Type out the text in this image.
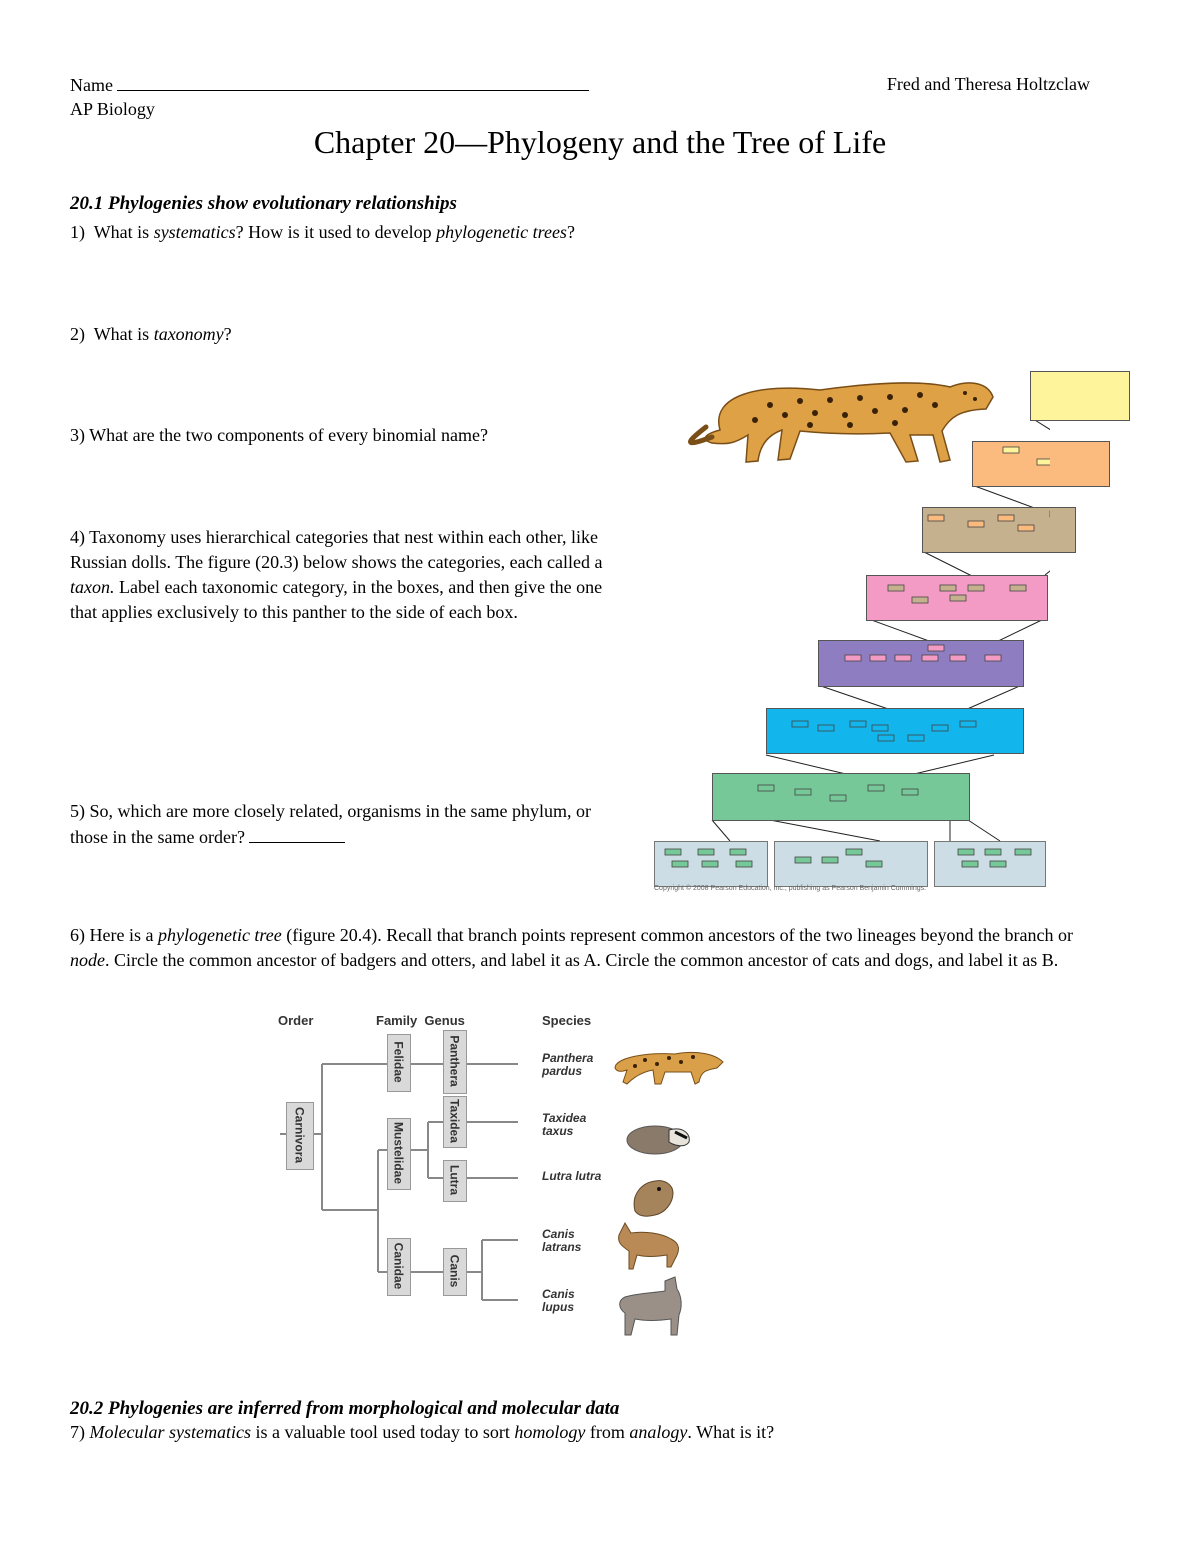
Name	Fred and Theresa Holtzclaw
AP Biology
Chapter 20—Phylogeny and the Tree of Life
20.1 Phylogenies show evolutionary relationships
1) What is systematics? How is it used to develop phylogenetic trees?
2) What is taxonomy?
3) What are the two components of every binomial name?
4) Taxonomy uses hierarchical categories that nest within each other, like Russian dolls. The figure (20.3) below shows the categories, each called a taxon. Label each taxonomic category, in the boxes, and then give the one that applies exclusively to this panther to the side of each box.
5) So, which are more closely related, organisms in the same phylum, or those in the same order?
Copyright © 2008 Pearson Education, Inc., publishing as Pearson Benjamin Cummings.
6) Here is a phylogenetic tree (figure 20.4). Recall that branch points represent common ancestors of the two lineages beyond the branch or node. Circle the common ancestor of badgers and otters, and label it as A. Circle the common ancestor of cats and dogs, and label it as B.
Order	Family  Genus	Species
Carnivora
Felidae
Mustelidae
Canidae
Panthera
Taxidea
Lutra
Canis
Panthera
pardus
Taxidea
taxus
Lutra lutra
Canis
latrans
Canis
lupus
20.2 Phylogenies are inferred from morphological and molecular data
7) Molecular systematics is a valuable tool used today to sort homology from analogy. What is it?
